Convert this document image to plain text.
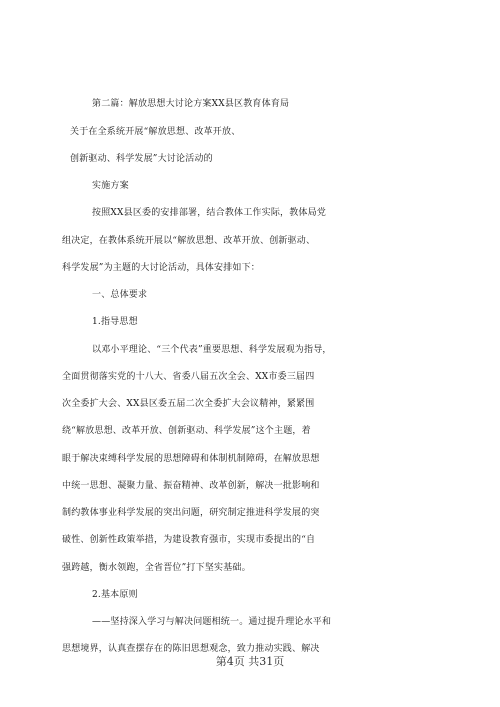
第二篇：解放思想大讨论方案XX县区教育体育局
关于在全系统开展“解放思想、改革开放、
创新驱动、科学发展”大讨论活动的
实施方案
按照XX县区委的安排部署，结合教体工作实际，教体局党
组决定，在教体系统开展以“解放思想、改革开放、创新驱动、
科学发展”为主题的大讨论活动，具体安排如下：
一、总体要求
1.指导思想
以邓小平理论、“三个代表”重要思想、科学发展观为指导，
全面贯彻落实党的十八大、省委八届五次全会、XX市委三届四
次全委扩大会、XX县区委五届二次全委扩大会议精神，紧紧围
绕“解放思想、改革开放、创新驱动、科学发展”这个主题，着
眼于解决束缚科学发展的思想障碍和体制机制障碍，在解放思想
中统一思想、凝聚力量、振奋精神、改革创新，解决一批影响和
制约教体事业科学发展的突出问题，研究制定推进科学发展的突
破性、创新性政策举措，为建设教育强市，实现市委提出的“自
强跨越，衡水领跑，全省晋位”打下坚实基础。
2.基本原则
——坚持深入学习与解决问题相统一。通过提升理论水平和
思想境界，认真查摆存在的陈旧思想观念，致力推动实践、解决
第4页 共31页
